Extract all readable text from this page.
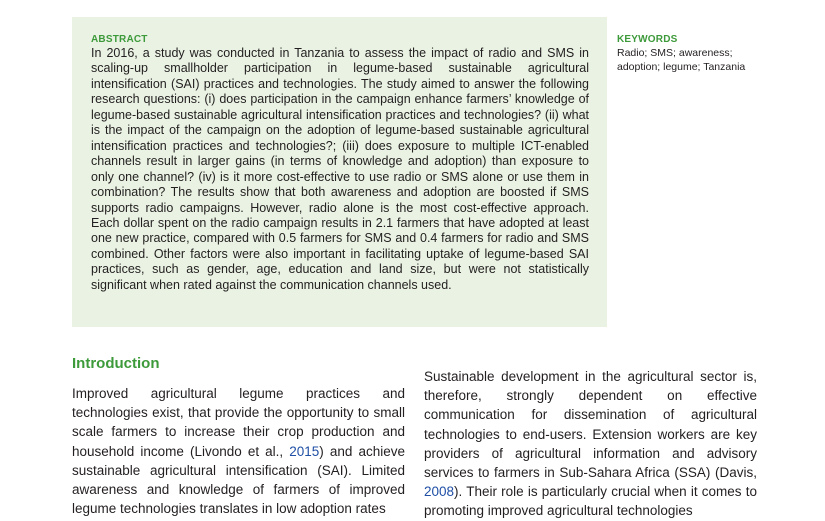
ABSTRACT
In 2016, a study was conducted in Tanzania to assess the impact of radio and SMS in scaling-up smallholder participation in legume-based sustainable agricultural intensification (SAI) practices and technologies. The study aimed to answer the following research questions: (i) does participation in the campaign enhance farmers’ knowledge of legume-based sustainable agricultural intensification practices and technologies? (ii) what is the impact of the campaign on the adoption of legume-based sustainable agricultural intensification practices and technologies?; (iii) does exposure to multiple ICT-enabled channels result in larger gains (in terms of knowledge and adoption) than exposure to only one channel? (iv) is it more cost-effective to use radio or SMS alone or use them in combination? The results show that both awareness and adoption are boosted if SMS supports radio campaigns. However, radio alone is the most cost-effective approach. Each dollar spent on the radio campaign results in 2.1 farmers that have adopted at least one new practice, compared with 0.5 farmers for SMS and 0.4 farmers for radio and SMS combined. Other factors were also important in facilitating uptake of legume-based SAI practices, such as gender, age, education and land size, but were not statistically significant when rated against the communication channels used.
KEYWORDS
Radio; SMS; awareness; adoption; legume; Tanzania
Introduction
Improved agricultural legume practices and technologies exist, that provide the opportunity to small scale farmers to increase their crop production and household income (Livondo et al., 2015) and achieve sustainable agricultural intensification (SAI). Limited awareness and knowledge of farmers of improved legume technologies translates in low adoption rates
Sustainable development in the agricultural sector is, therefore, strongly dependent on effective communication for dissemination of agricultural technologies to end-users. Extension workers are key providers of agricultural information and advisory services to farmers in Sub-Sahara Africa (SSA) (Davis, 2008). Their role is particularly crucial when it comes to promoting improved agricultural technologies
